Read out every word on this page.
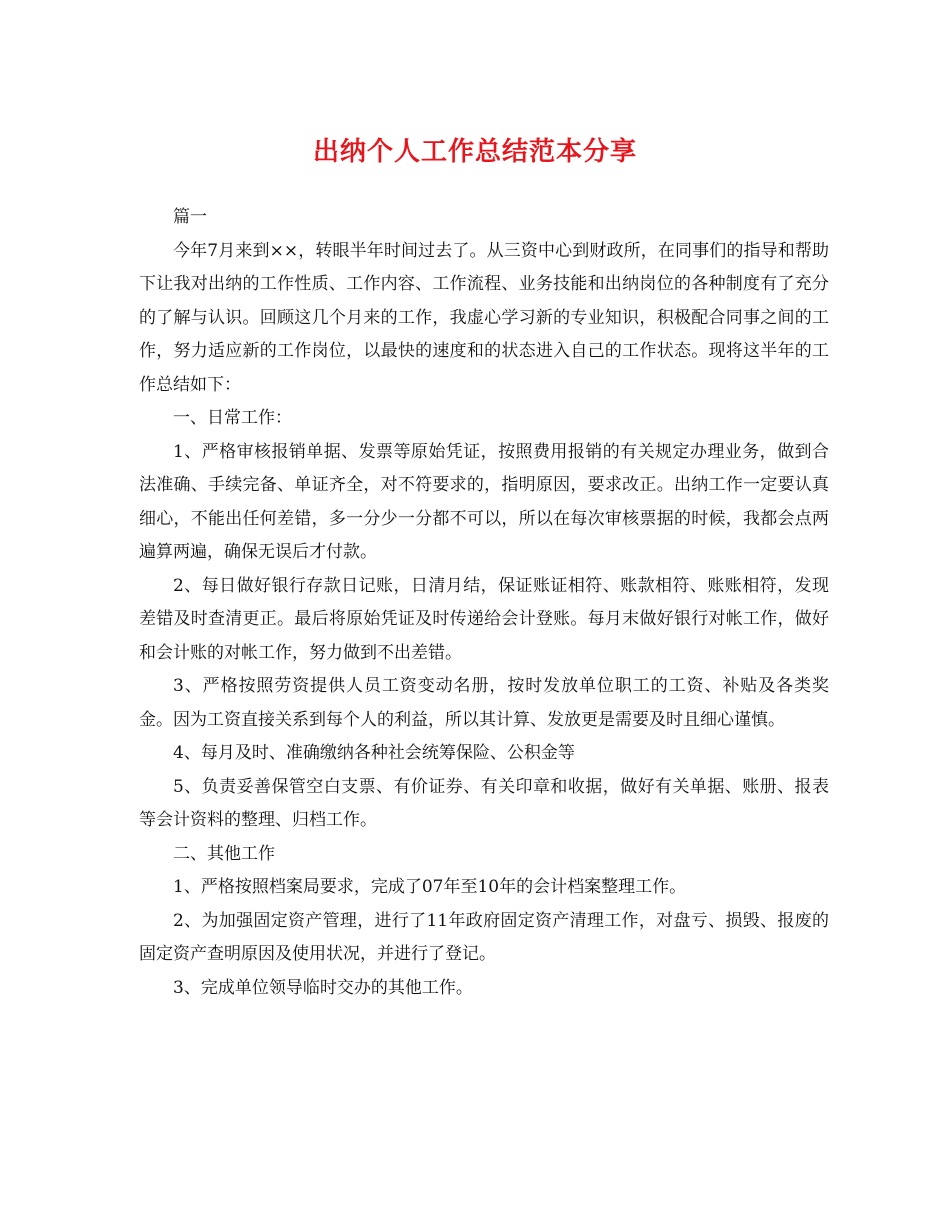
出纳个人工作总结范本分享

篇一

今年7月来到××，转眼半年时间过去了。从三资中心到财政所，在同事们的指导和帮助下让我对出纳的工作性质、工作内容、工作流程、业务技能和出纳岗位的各种制度有了充分的了解与认识。回顾这几个月来的工作，我虚心学习新的专业知识，积极配合同事之间的工作，努力适应新的工作岗位，以最快的速度和的状态进入自己的工作状态。现将这半年的工作总结如下：

一、日常工作：

1、严格审核报销单据、发票等原始凭证，按照费用报销的有关规定办理业务，做到合法准确、手续完备、单证齐全，对不符要求的，指明原因，要求改正。出纳工作一定要认真细心，不能出任何差错，多一分少一分都不可以，所以在每次审核票据的时候，我都会点两遍算两遍，确保无误后才付款。

2、每日做好银行存款日记账，日清月结，保证账证相符、账款相符、账账相符，发现差错及时查清更正。最后将原始凭证及时传递给会计登账。每月末做好银行对帐工作，做好和会计账的对帐工作，努力做到不出差错。

3、严格按照劳资提供人员工资变动名册，按时发放单位职工的工资、补贴及各类奖金。因为工资直接关系到每个人的利益，所以其计算、发放更是需要及时且细心谨慎。

4、每月及时、准确缴纳各种社会统筹保险、公积金等

5、负责妥善保管空白支票、有价证券、有关印章和收据，做好有关单据、账册、报表等会计资料的整理、归档工作。

二、其他工作

1、严格按照档案局要求，完成了07年至10年的会计档案整理工作。

2、为加强固定资产管理，进行了11年政府固定资产清理工作，对盘亏、损毁、报废的固定资产查明原因及使用状况，并进行了登记。

3、完成单位领导临时交办的其他工作。
